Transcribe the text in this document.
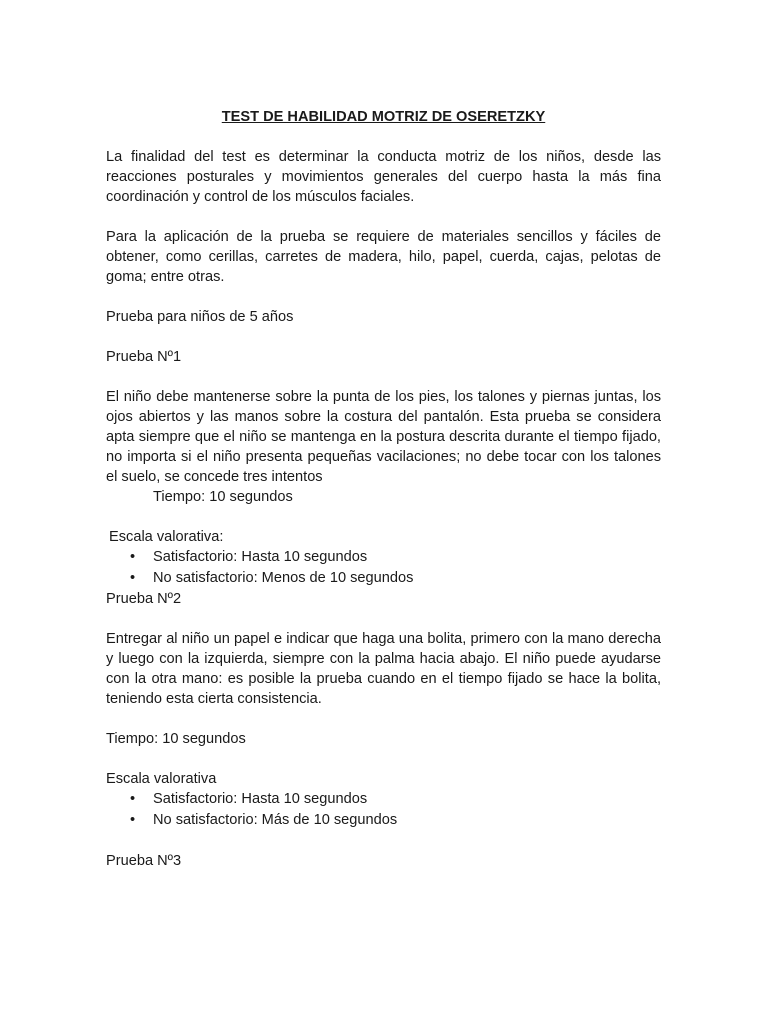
TEST DE HABILIDAD MOTRIZ DE OSERETZKY

La finalidad del test es determinar la conducta motriz de los niños, desde las reacciones posturales y movimientos generales del cuerpo hasta la más fina coordinación y control de los músculos faciales.

Para la aplicación de la prueba se requiere de materiales sencillos y fáciles de obtener, como cerillas, carretes de madera, hilo, papel, cuerda, cajas, pelotas de goma; entre otras.

Prueba para niños de 5 años

Prueba Nº1

El niño debe mantenerse sobre la punta de los pies, los talones y piernas juntas, los ojos abiertos y las manos sobre la costura del pantalón. Esta prueba se considera apta siempre que el niño se mantenga en la postura descrita durante el tiempo fijado, no importa si el niño presenta pequeñas vacilaciones; no debe tocar con los talones el suelo, se concede tres intentos

Tiempo: 10 segundos

Escala valorativa:

• Satisfactorio: Hasta 10 segundos
• No satisfactorio: Menos de 10 segundos

Prueba Nº2

Entregar al niño un papel e indicar que haga una bolita, primero con la mano derecha y luego con la izquierda, siempre con la palma hacia abajo. El niño puede ayudarse con la otra mano: es posible la prueba cuando en el tiempo fijado se hace la bolita, teniendo esta cierta consistencia.

Tiempo: 10 segundos

Escala valorativa

• Satisfactorio: Hasta 10 segundos
• No satisfactorio: Más de 10 segundos

Prueba Nº3
